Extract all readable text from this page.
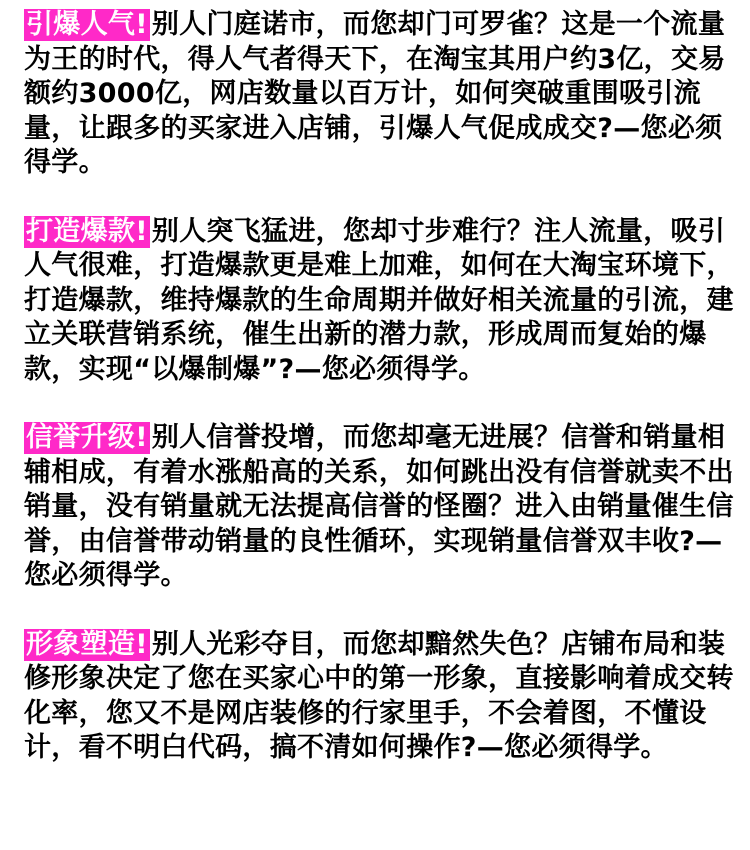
引爆人气! 别人门庭诺市，而您却门可罗雀？这是一个流量为王的时代，得人气者得天下，在淘宝其用户约3亿，交易额约3000亿，网店数量以百万计，如何突破重围吸引流量，让跟多的买家进入店铺，引爆人气促成成交?—您必须得学。

打造爆款! 别人突飞猛进，您却寸步难行？注人流量，吸引人气很难，打造爆款更是难上加难，如何在大淘宝环境下，打造爆款，维持爆款的生命周期并做好相关流量的引流，建立关联营销系统，催生出新的潜力款，形成周而复始的爆款，实现“以爆制爆”?—您必须得学。

信誉升级! 别人信誉投增，而您却毫无进展？信誉和销量相辅相成，有着水涨船高的关系，如何跳出没有信誉就卖不出销量，没有销量就无法提高信誉的怪圈？进入由销量催生信誉，由信誉带动销量的良性循环，实现销量信誉双丰收?—您必须得学。

形象塑造! 别人光彩夺目，而您却黯然失色？店铺布局和装修形象决定了您在买家心中的第一形象，直接影响着成交转化率，您又不是网店装修的行家里手，不会着图，不懂设计，看不明白代码，搞不清如何操作?—您必须得学。
